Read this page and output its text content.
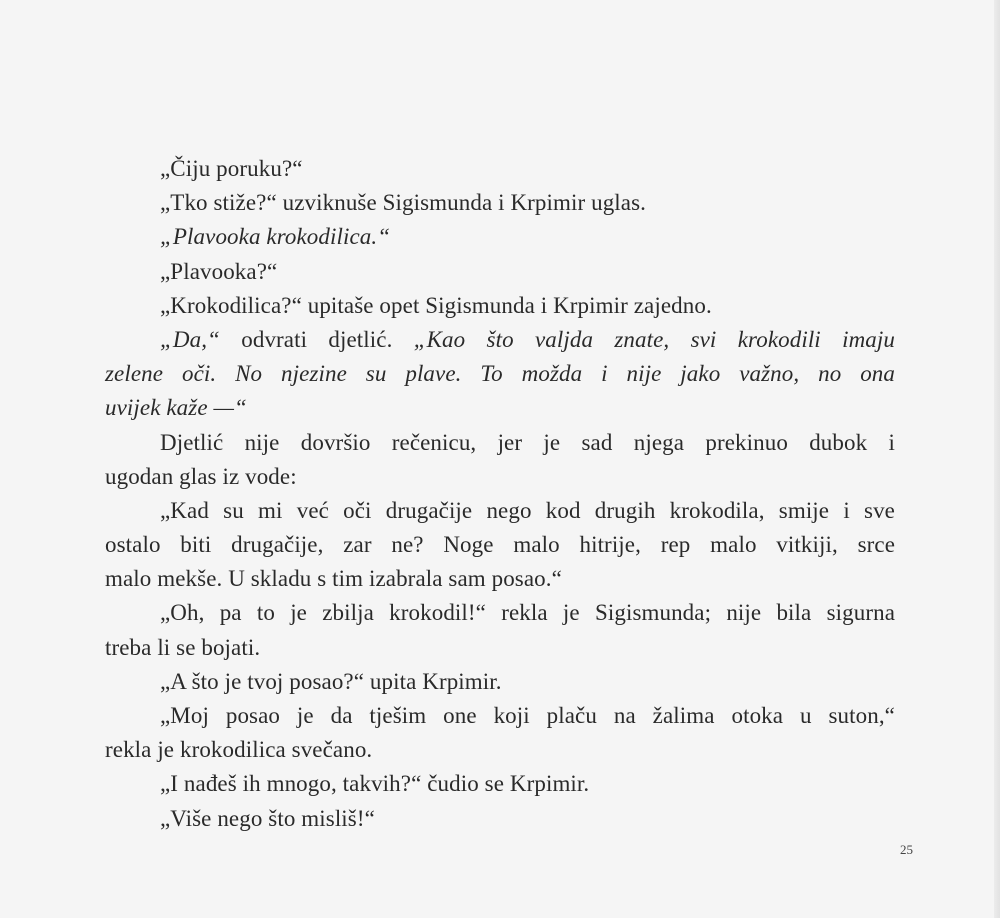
„Čiju poruku?“
„Tko stiže?“ uzviknuše Sigismunda i Krpimir uglas.
„Plavooka krokodilica.“
„Plavooka?“
„Krokodilica?“ upitaše opet Sigismunda i Krpimir zajedno.
„Da,“ odvrati djetlić. „Kao što valjda znate, svi krokodili imaju
zelene oči. No njezine su plave. To možda i nije jako važno, no ona
uvijek kaže —“
Djetlić nije dovršio rečenicu, jer je sad njega prekinuo dubok i
ugodan glas iz vode:
„Kad su mi već oči drugačije nego kod drugih krokodila, smije i sve
ostalo biti drugačije, zar ne? Noge malo hitrije, rep malo vitkiji, srce
malo mekše. U skladu s tim izabrala sam posao.“
„Oh, pa to je zbilja krokodil!“ rekla je Sigismunda; nije bila sigurna
treba li se bojati.
„A što je tvoj posao?“ upita Krpimir.
„Moj posao je da tješim one koji plaču na žalima otoka u suton,“
rekla je krokodilica svečano.
„I nađeš ih mnogo, takvih?“ čudio se Krpimir.
„Više nego što misliš!“
25
